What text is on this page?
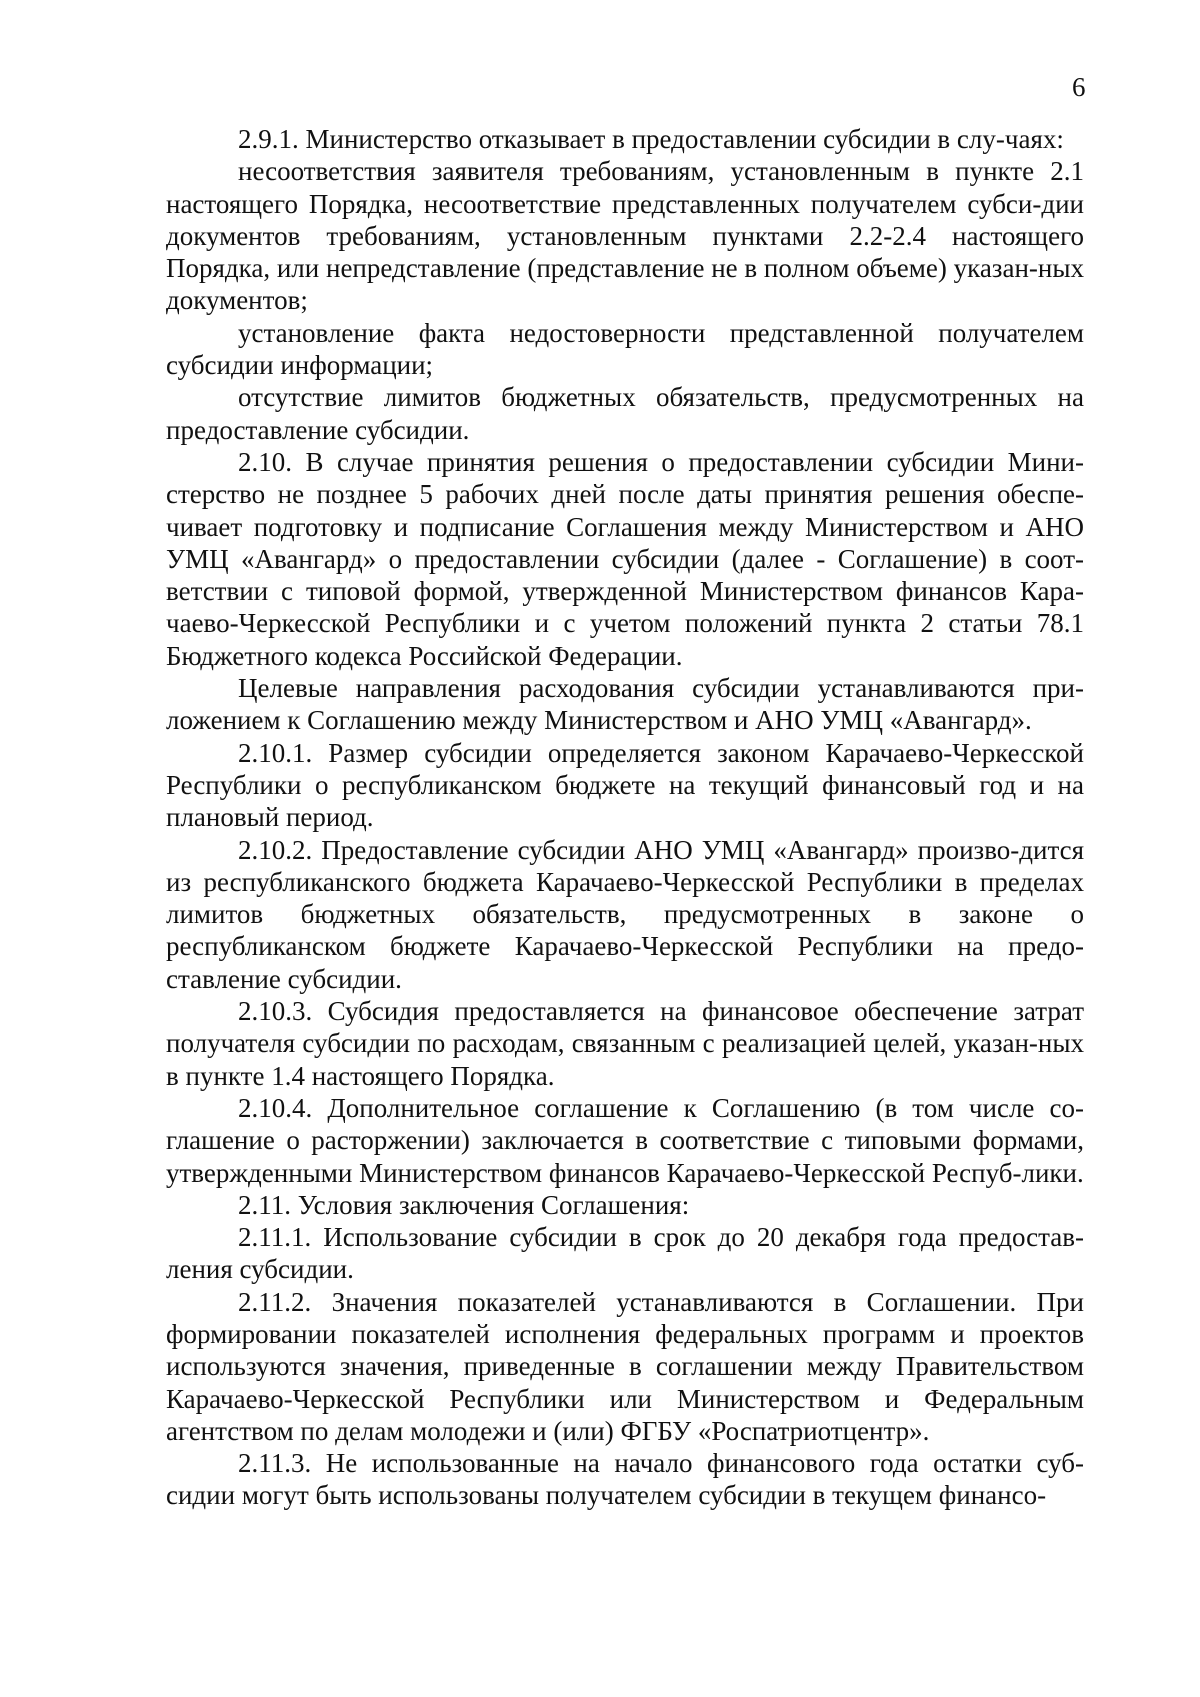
6

2.9.1. Министерство отказывает в предоставлении субсидии в слу-чаях:

несоответствия заявителя требованиям, установленным в пункте 2.1 настоящего Порядка, несоответствие представленных получателем субси-дии документов требованиям, установленным пунктами 2.2-2.4 настоящего Порядка, или непредставление (представление не в полном объеме) указан-ных документов;

установление факта недостоверности представленной получателем субсидии информации;

отсутствие лимитов бюджетных обязательств, предусмотренных на предоставление субсидии.

2.10. В случае принятия решения о предоставлении субсидии Мини-стерство не позднее 5 рабочих дней после даты принятия решения обеспе-чивает подготовку и подписание Соглашения между Министерством и АНО УМЦ «Авангард» о предоставлении субсидии (далее - Соглашение) в соот-ветствии с типовой формой, утвержденной Министерством финансов Кара-чаево-Черкесской Республики и с учетом положений пункта 2 статьи 78.1 Бюджетного кодекса Российской Федерации.

Целевые направления расходования субсидии устанавливаются при-ложением к Соглашению между Министерством и АНО УМЦ «Авангард».

2.10.1. Размер субсидии определяется законом Карачаево-Черкесской Республики о республиканском бюджете на текущий финансовый год и на плановый период.

2.10.2. Предоставление субсидии АНО УМЦ «Авангард» произво-дится из республиканского бюджета Карачаево-Черкесской Республики в пределах лимитов бюджетных обязательств, предусмотренных в законе о республиканском бюджете Карачаево-Черкесской Республики на предо-ставление субсидии.

2.10.3. Субсидия предоставляется на финансовое обеспечение затрат получателя субсидии по расходам, связанным с реализацией целей, указан-ных в пункте 1.4 настоящего Порядка.

2.10.4. Дополнительное соглашение к Соглашению (в том числе со-глашение о расторжении) заключается в соответствие с типовыми формами, утвержденными Министерством финансов Карачаево-Черкесской Респуб-лики.

2.11. Условия заключения Соглашения:

2.11.1. Использование субсидии в срок до 20 декабря года предостав-ления субсидии.

2.11.2. Значения показателей устанавливаются в Соглашении. При формировании показателей исполнения федеральных программ и проектов используются значения, приведенные в соглашении между Правительством Карачаево-Черкесской Республики или Министерством и Федеральным агентством по делам молодежи и (или) ФГБУ «Роспатриотцентр».

2.11.3. Не использованные на начало финансового года остатки суб-сидии могут быть использованы получателем субсидии в текущем финансо-
